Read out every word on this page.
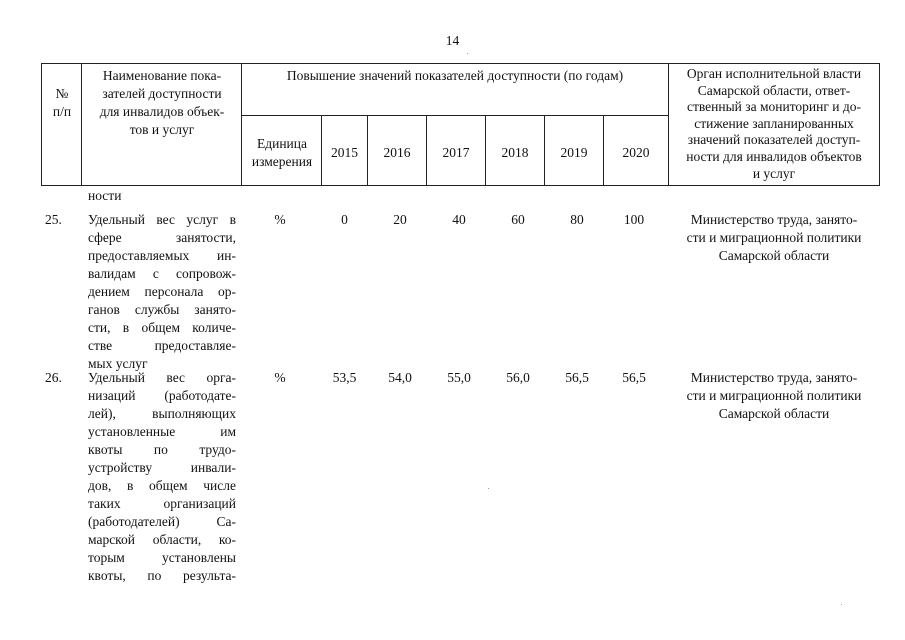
14
№ п/п
Наименование пока-
зателей доступности
для инвалидов объек-
тов и услуг
Повышение значений показателей доступности (по годам)
Единица
измерения
2015	2016	2017	2018	2019	2020
Орган исполнительной власти
Самарской области, ответ-
ственный за мониторинг и до-
стижение запланированных
значений показателей доступ-
ности для инвалидов объектов
и услуг
ности
25. Удельный вес услуг в
сфере занятости,
предоставляемых ин-
валидам с сопровож-
дением персонала ор-
ганов службы занято-
сти, в общем количе-
стве предоставляе-
мых услуг
%	0	20	40	60	80	100	Министерство труда, занято-
сти и миграционной политики
Самарской области
26. Удельный вес орга-
низаций (работодате-
лей), выполняющих
установленные им
квоты по трудо-
устройству инвали-
дов, в общем числе
таких организаций
(работодателей) Са-
марской области, ко-
торым установлены
квоты, по результа-
%	53,5	54,0	55,0	56,0	56,5	56,5	Министерство труда, занято-
сти и миграционной политики
Самарской области
